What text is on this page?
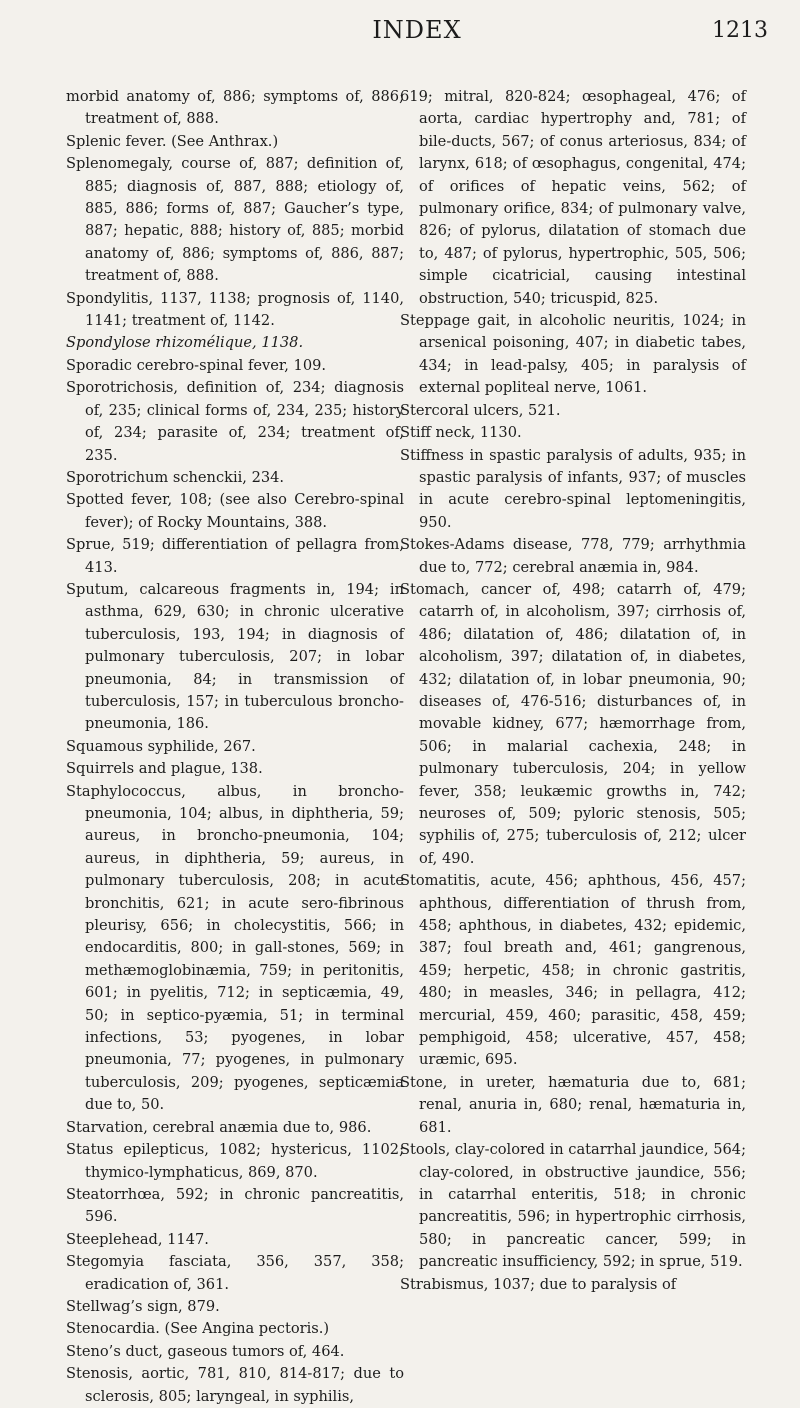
INDEX	1213

morbid anatomy of, 886; symptoms of, 886; treatment of, 888.

Splenic fever. (See Anthrax.)

Splenomegaly, course of, 887; definition of, 885; diagnosis of, 887, 888; etiology of, 885, 886; forms of, 887; Gaucher’s type, 887; hepatic, 888; history of, 885; morbid anatomy of, 886; symptoms of, 886, 887; treatment of, 888.

Spondylitis, 1137, 1138; prognosis of, 1140, 1141; treatment of, 1142.

Spondylose rhizomélique, 1138.

Sporadic cerebro-spinal fever, 109.

Sporotrichosis, definition of, 234; diagnosis of, 235; clinical forms of, 234, 235; history of, 234; parasite of, 234; treatment of, 235.

Sporotrichum schenckii, 234.

Spotted fever, 108; (see also Cerebro-spinal fever); of Rocky Mountains, 388.

Sprue, 519; differentiation of pellagra from, 413.

Sputum, calcareous fragments in, 194; in asthma, 629, 630; in chronic ulcerative tuberculosis, 193, 194; in diagnosis of pulmonary tuberculosis, 207; in lobar pneumonia, 84; in transmission of tuberculosis, 157; in tuberculous broncho-pneumonia, 186.

Squamous syphilide, 267.

Squirrels and plague, 138.

Staphylococcus, albus, in broncho-pneumonia, 104; albus, in diphtheria, 59; aureus, in broncho-pneumonia, 104; aureus, in diphtheria, 59; aureus, in pulmonary tuberculosis, 208; in acute bronchitis, 621; in acute sero-fibrinous pleurisy, 656; in cholecystitis, 566; in endocarditis, 800; in gall-stones, 569; in methæmoglobinæmia, 759; in peritonitis, 601; in pyelitis, 712; in septicæmia, 49, 50; in septico-pyæmia, 51; in terminal infections, 53; pyogenes, in lobar pneumonia, 77; pyogenes, in pulmonary tuberculosis, 209; pyogenes, septicæmia due to, 50.

Starvation, cerebral anæmia due to, 986.

Status epilepticus, 1082; hystericus, 1102; thymico-lymphaticus, 869, 870.

Steatorrhœa, 592; in chronic pancreatitis, 596.

Steeplehead, 1147.

Stegomyia fasciata, 356, 357, 358; eradication of, 361.

Stellwag’s sign, 879.

Stenocardia. (See Angina pectoris.)

Steno’s duct, gaseous tumors of, 464.

Stenosis, aortic, 781, 810, 814-817; due to sclerosis, 805; laryngeal, in syphilis,

619; mitral, 820-824; œsophageal, 476; of aorta, cardiac hypertrophy and, 781; of bile-ducts, 567; of conus arteriosus, 834; of larynx, 618; of œsophagus, congenital, 474; of orifices of hepatic veins, 562; of pulmonary orifice, 834; of pulmonary valve, 826; of pylorus, dilatation of stomach due to, 487; of pylorus, hypertrophic, 505, 506; simple cicatricial, causing intestinal obstruction, 540; tricuspid, 825.

Steppage gait, in alcoholic neuritis, 1024; in arsenical poisoning, 407; in diabetic tabes, 434; in lead-palsy, 405; in paralysis of external popliteal nerve, 1061.

Stercoral ulcers, 521.

Stiff neck, 1130.

Stiffness in spastic paralysis of adults, 935; in spastic paralysis of infants, 937; of muscles in acute cerebro-spinal leptomeningitis, 950.

Stokes-Adams disease, 778, 779; arrhythmia due to, 772; cerebral anæmia in, 984.

Stomach, cancer of, 498; catarrh of, 479; catarrh of, in alcoholism, 397; cirrhosis of, 486; dilatation of, 486; dilatation of, in alcoholism, 397; dilatation of, in diabetes, 432; dilatation of, in lobar pneumonia, 90; diseases of, 476-516; disturbances of, in movable kidney, 677; hæmorrhage from, 506; in malarial cachexia, 248; in pulmonary tuberculosis, 204; in yellow fever, 358; leukæmic growths in, 742; neuroses of, 509; pyloric stenosis, 505; syphilis of, 275; tuberculosis of, 212; ulcer of, 490.

Stomatitis, acute, 456; aphthous, 456, 457; aphthous, differentiation of thrush from, 458; aphthous, in diabetes, 432; epidemic, 387; foul breath and, 461; gangrenous, 459; herpetic, 458; in chronic gastritis, 480; in measles, 346; in pellagra, 412; mercurial, 459, 460; parasitic, 458, 459; pemphigoid, 458; ulcerative, 457, 458; uræmic, 695.

Stone, in ureter, hæmaturia due to, 681; renal, anuria in, 680; renal, hæmaturia in, 681.

Stools, clay-colored in catarrhal jaundice, 564; clay-colored, in obstructive jaundice, 556; in catarrhal enteritis, 518; in chronic pancreatitis, 596; in hypertrophic cirrhosis, 580; in pancreatic cancer, 599; in pancreatic insufficiency, 592; in sprue, 519.

Strabismus, 1037; due to paralysis of
